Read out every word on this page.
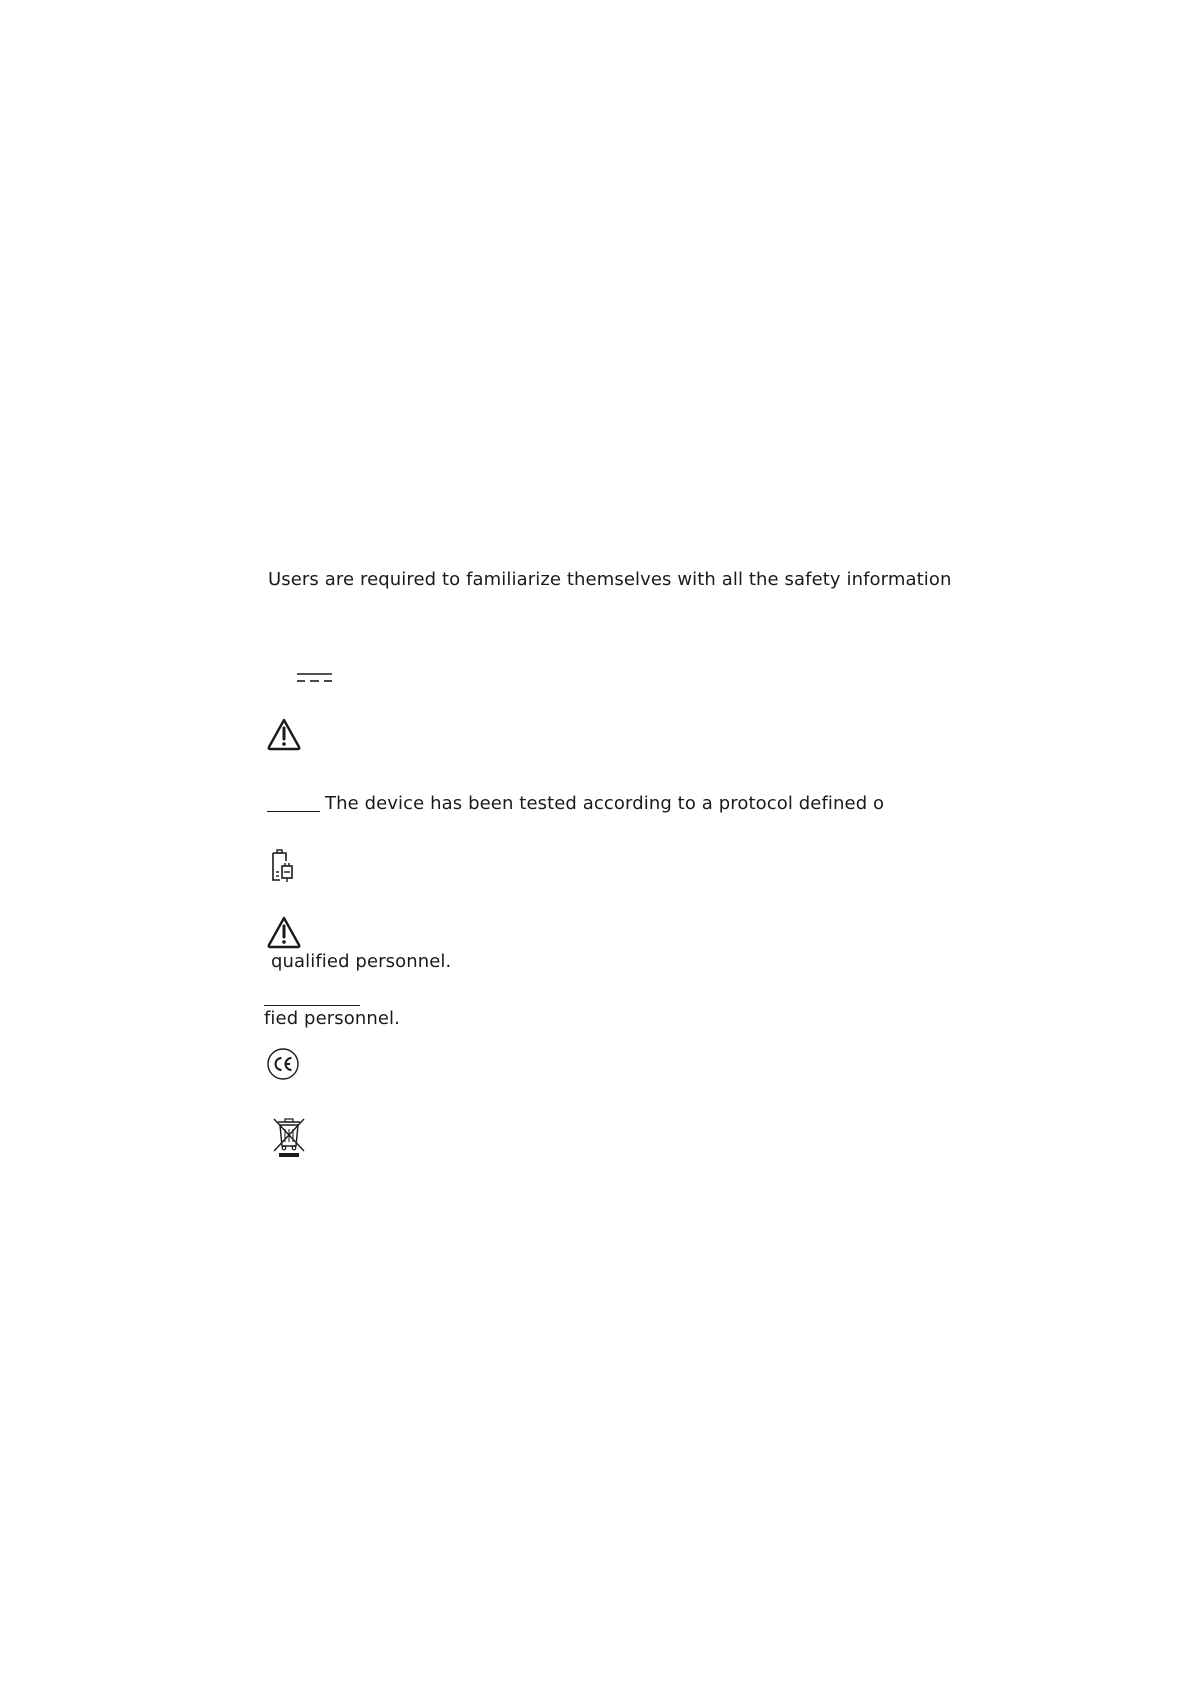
Users are required to familiarize themselves with all the safety information
The device has been tested according to a protocol defined o
qualified personnel.
fied personnel.
